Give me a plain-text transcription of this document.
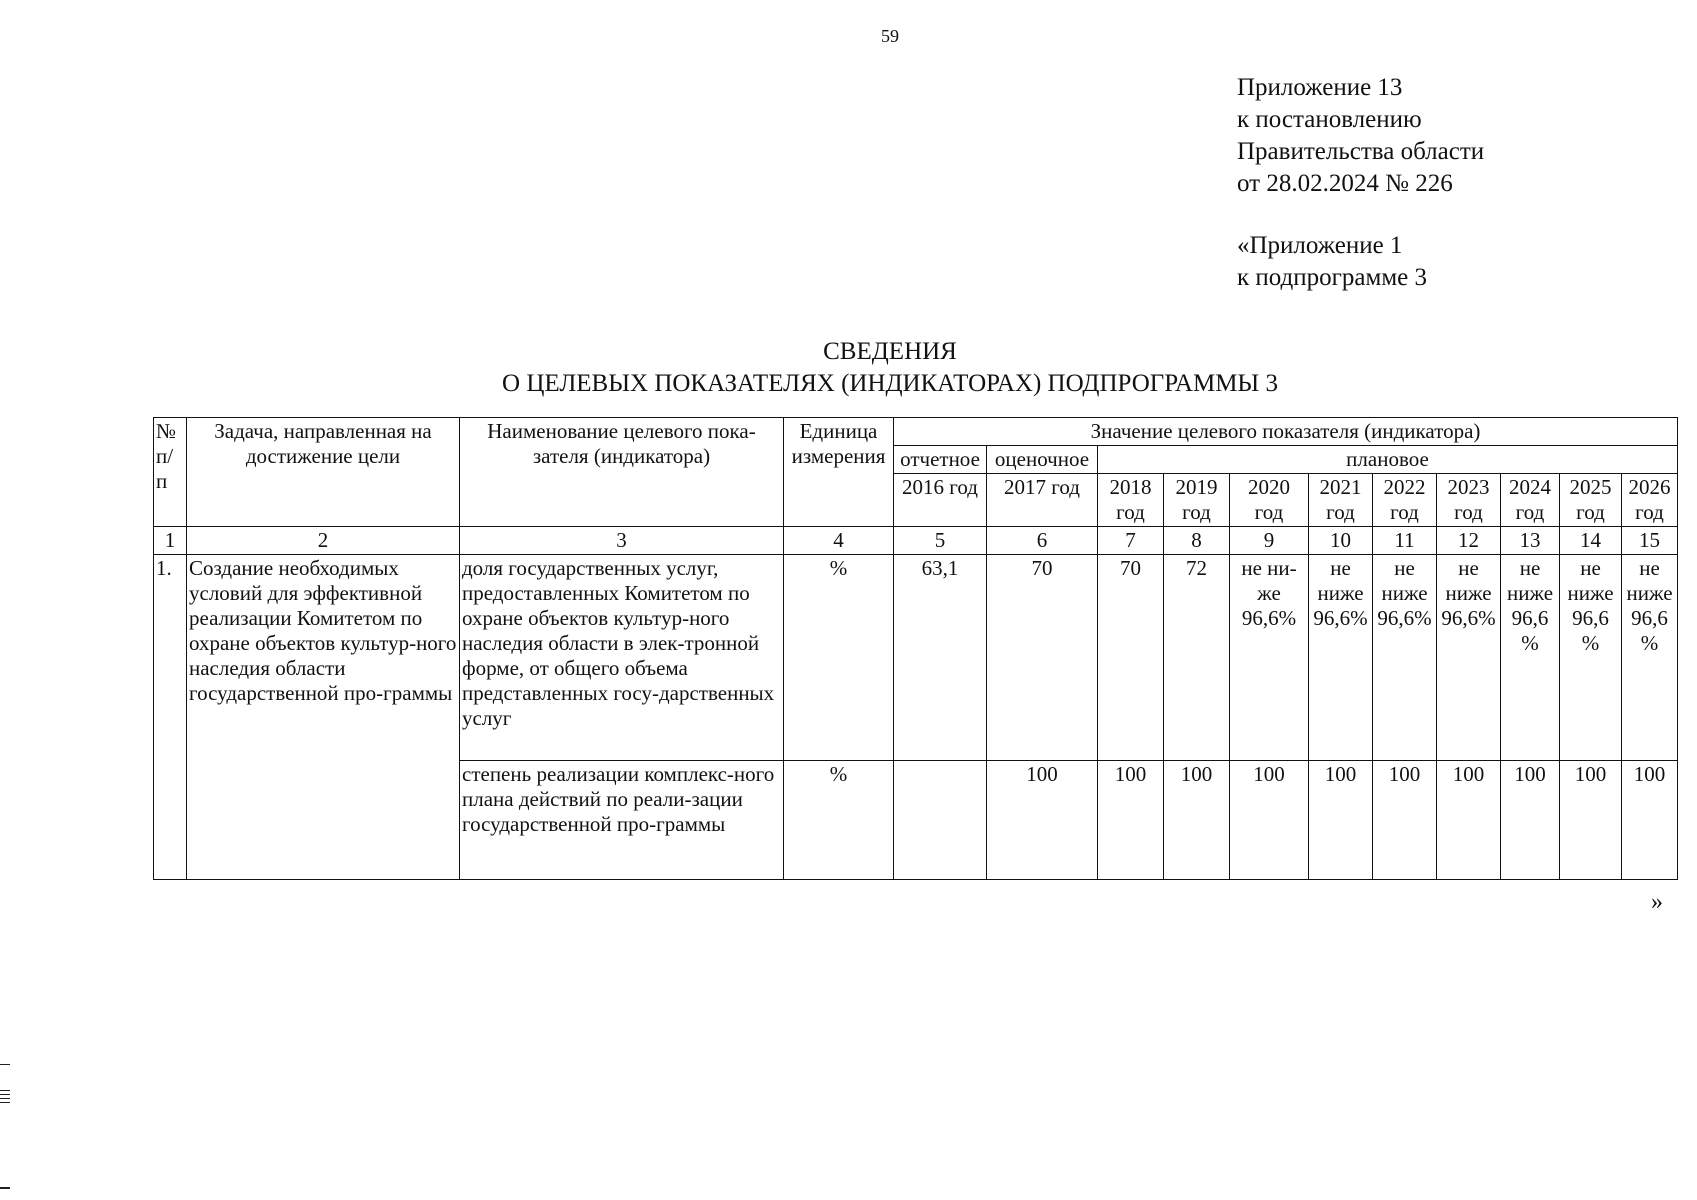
59
Приложение 13
к постановлению
Правительства области
от 28.02.2024 № 226
«Приложение 1
к подпрограмме 3
СВЕДЕНИЯ
О ЦЕЛЕВЫХ ПОКАЗАТЕЛЯХ (ИНДИКАТОРАХ) ПОДПРОГРАММЫ 3
№ п/п	Задача, направленная на достижение цели	Наименование целевого пока-зателя (индикатора)	Единица измерения	Значение целевого показателя (индикатора)										
				отчетное	оценочное	плановое								
				2016 год	2017 год	2018 год	2019 год	2020 год	2021 год	2022 год	2023 год	2024 год	2025 год	2026 год
1	2	3	4	5	6	7	8	9	10	11	12	13	14	15
1.	Создание необходимых условий для эффективной реализации Комитетом по охране объектов культур-ного наследия области государственной про-граммы	доля государственных услуг, предоставленных Комитетом по охране объектов культур-ного наследия области в элек-тронной форме, от общего объема представленных госу-дарственных услуг	%	63,1	70	70	72	не ни-же 96,6%	не ниже 96,6%	не ниже 96,6%	не ниже 96,6%	не ниже 96,6 %	не ниже 96,6 %	не ниже 96,6 %
		степень реализации комплекс-ного плана действий по реали-зации государственной про-граммы	%		100	100	100	100	100	100	100	100	100	100
»
